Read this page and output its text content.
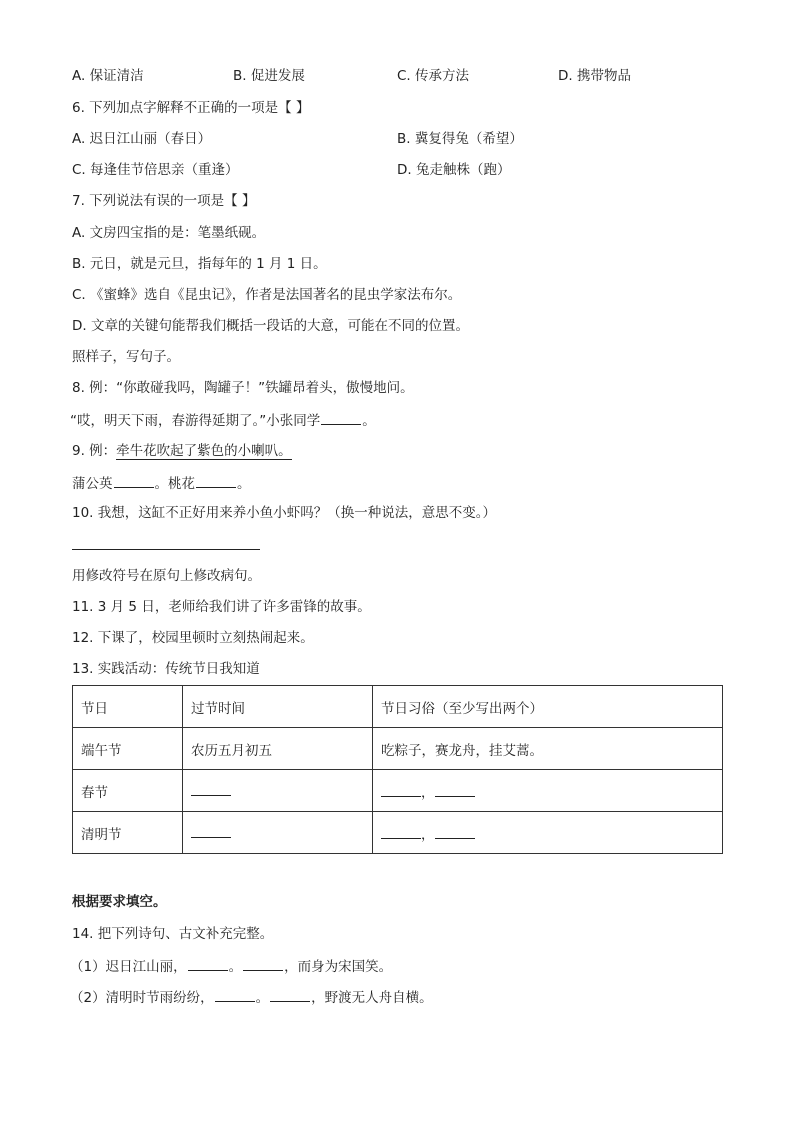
A. 保证清洁	B. 促进发展	C. 传承方法	D. 携带物品
6. 下列加点字解释不正确的一项是【 】
A. 迟日江山丽（春日）	B. 冀复得兔（希望）
C. 每逢佳节倍思亲（重逢）	D. 兔走触株（跑）
7. 下列说法有误的一项是【 】
A. 文房四宝指的是：笔墨纸砚。
B. 元日，就是元旦，指每年的 1 月 1 日。
C. 《蜜蜂》选自《昆虫记》，作者是法国著名的昆虫学家法布尔。
D. 文章的关键句能帮我们概括一段话的大意，可能在不同的位置。
照样子，写句子。
8. 例：“你敢碰我吗，陶罐子！”铁罐昂着头，傲慢地问。
“哎，明天下雨，春游得延期了。”小张同学	。
9. 例：牵牛花吹起了紫色的小喇叭。
蒲公英	。桃花	。
10. 我想，这缸不正好用来养小鱼小虾吗？（换一种说法，意思不变。）
用修改符号在原句上修改病句。
11. 3 月 5 日，老师给我们讲了许多雷锋的故事。
12. 下课了，校园里顿时立刻热闹起来。
13. 实践活动：传统节日我知道
节日	过节时间	节日习俗（至少写出两个）
端午节	农历五月初五	吃粽子，赛龙舟，挂艾蒿。
春节		，
清明节		，
根据要求填空。
14. 把下列诗句、古文补充完整。
（1）迟日江山丽，	。	，而身为宋国笑。
（2）清明时节雨纷纷，	。	，野渡无人舟自横。
